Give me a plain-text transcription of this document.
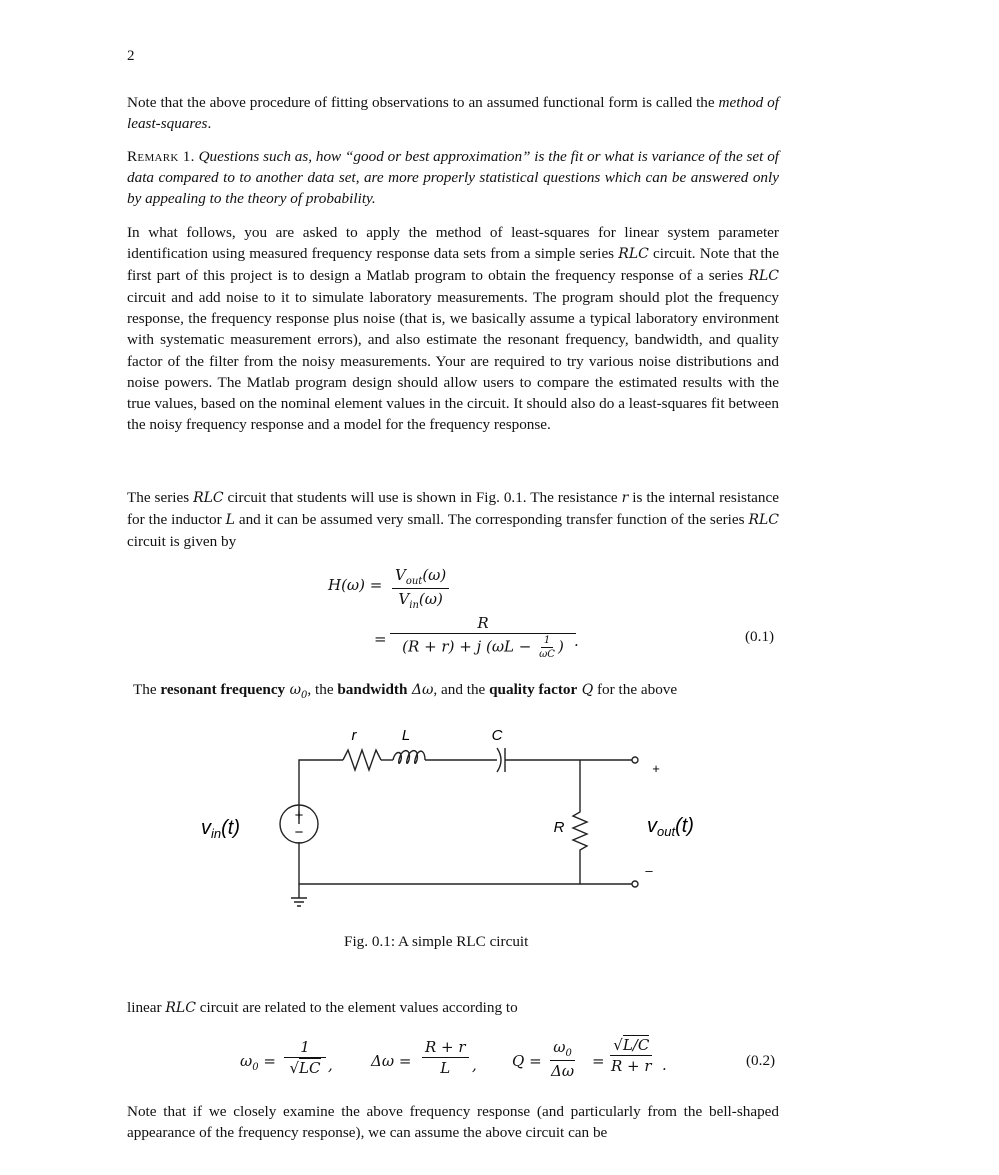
2
Note that the above procedure of fitting observations to an assumed functional form is called the method of least-squares.
Remark 1. Questions such as, how “good or best approximation” is the fit or what is variance of the set of data compared to to another data set, are more properly statistical questions which can be answered only by appealing to the theory of probability.
In what follows, you are asked to apply the method of least-squares for linear system parameter identification using measured frequency response data sets from a simple series RLC circuit. Note that the first part of this project is to design a Matlab program to obtain the frequency response of a series RLC circuit and add noise to it to simulate laboratory measurements. The program should plot the frequency response, the frequency response plus noise (that is, we basically assume a typical laboratory environment with systematic measurement errors), and also estimate the resonant frequency, bandwidth, and quality factor of the filter from the noisy measurements. Your are required to try various noise distributions and noise powers. The Matlab program design should allow users to compare the estimated results with the true values, based on the nominal element values in the circuit. It should also do a least-squares fit between the noisy frequency response and a model for the frequency response.
The series RLC circuit that students will use is shown in Fig. 0.1. The resistance r is the internal resistance for the inductor L and it can be assumed very small. The corresponding transfer function of the series RLC circuit is given by
H(ω) =
$V_{out}(\omega)$
$V_{in}(\omega)$
= $\frac{R}{(R + r) + j (\omega L - \frac{1}{\omega C} )}$
.	(0.1)
The resonant frequency $\omega_0$, the bandwidth Δω, and the quality factor Q for the above
r	L	C
R
+
−
+
–
$v_{in}(t)$	$v_{out}(t)$
Fig. 0.1: A simple RLC circuit
linear RLC circuit are related to the element values according to
$\omega_0 = \frac{1}{√LC}$ ,	$\Delta\omega = \frac{R + r}{L}$ , $Q = \frac{\omega_0}{\Delta\omega} = \frac{√L/C}{R + r}$ .	(0.2)
Note that if we closely examine the above frequency response (and particularly from the bell-shaped appearance of the frequency response), we can assume the above circuit can be
